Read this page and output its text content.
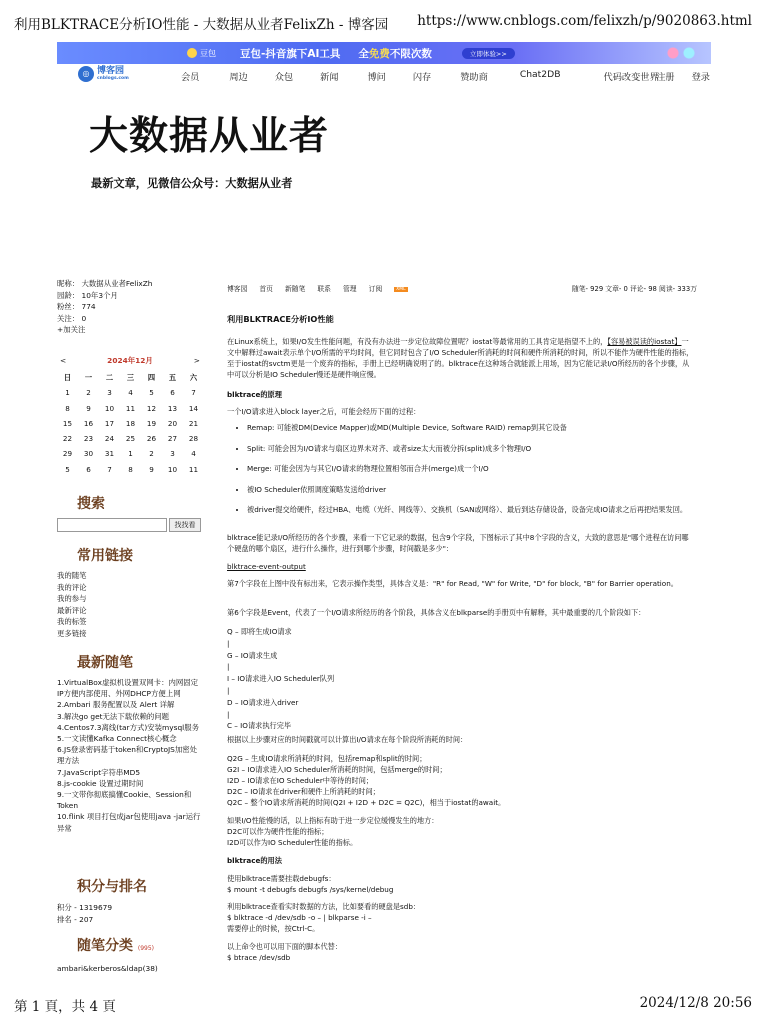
利用BLKTRACE分析IO性能 - 大数据从业者FelixZh - 博客园 https://www.cnblogs.com/felixzh/p/9020863.html
豆包 豆包-抖音旗下AI工具 全免费不限次数	立即体验>>
◎ 博客园
cnblogs.com	会员	周边	众包	新闻	博问	闪存	赞助商	Chat2DB	代码改变世界
注册 登录
大数据从业者
最新文章，见微信公众号：大数据从业者
昵称： 大数据从业者FelixZh
园龄： 10年3个月
粉丝： 774
关注： 0
+加关注
<	2024年12月	>
日	一	二	三	四	五	六
1	2	3	4	5	6	7
8	9	10	11	12	13	14
15	16	17	18	19	20	21
22	23	24	25	26	27	28
29	30	31	1	2	3	4
5	6	7	8	9	10	11
搜索
找找看
常用链接
我的随笔
我的评论
我的参与
最新评论
我的标签
更多链接
最新随笔
1.VirtualBox虚拟机设置双网卡：内网固定IP方便内部使用、外网DHCP方便上网
2.Ambari 服务配置以及 Alert 详解
3.解决go get无法下载依赖的问题
4.Centos7.3离线(tar方式)安装mysql服务
5.一文读懂Kafka Connect核心概念
6.JS登录密码基于token和CryptoJS加密处理方法
7.JavaScript字符串MD5
8.js-cookie 设置过期时间
9.一文带你彻底搞懂Cookie、Session和Token
10.flink 项目打包成jar包使用java -jar运行异常
积分与排名
积分 - 1319679
排名 - 207
随笔分类 (995)
ambari&kerberos&ldap(38)
博客园 首页 新随笔 联系 管理 订阅	XML	随笔- 929 文章- 0 评论- 98 阅读- 333万
利用BLKTRACE分析IO性能
在Linux系统上，如果I/O发生性能问题，有没有办法进一步定位故障位置呢？iostat等最常用的工具肯定是指望不上的，【容易被误读的iostat】一文中解释过await表示单个I/O所需的平均时间，但它同时包含了I/O Scheduler所消耗的时间和硬件所消耗的时间，所以不能作为硬件性能的指标，至于iostat的svctm更是一个废弃的指标，手册上已经明确说明了的。blktrace在这种场合就能派上用场，因为它能记录I/O所经历的各个步骤，从中可以分析是IO Scheduler慢还是硬件响应慢。
blktrace的原理
一个I/O请求进入block layer之后，可能会经历下面的过程：
• Remap: 可能被DM(Device Mapper)或MD(Multiple Device, Software RAID) remap到其它设备
• Split: 可能会因为I/O请求与扇区边界未对齐、或者size太大而被分拆(split)成多个物理I/O
• Merge: 可能会因为与其它I/O请求的物理位置相邻而合并(merge)成一个I/O
• 被IO Scheduler依照调度策略发送给driver
• 被driver提交给硬件，经过HBA、电缆（光纤、网线等）、交换机（SAN或网络）、最后到达存储设备，设备完成IO请求之后再把结果发回。
blktrace能记录I/O所经历的各个步骤，来看一下它记录的数据，包含9个字段，下图标示了其中8个字段的含义，大致的意思是"哪个进程在访问哪个硬盘的哪个扇区，进行什么操作，进行到哪个步骤，时间戳是多少"：
blktrace-event-output
第7个字段在上图中没有标出来，它表示操作类型，具体含义是："R" for Read, "W" for Write, "D" for block, "B" for Barrier operation。
第6个字段是Event，代表了一个I/O请求所经历的各个阶段，具体含义在blkparse的手册页中有解释，其中最重要的几个阶段如下：
Q – 即将生成IO请求
|
G – IO请求生成
|
I – IO请求进入IO Scheduler队列
|
D – IO请求进入driver
|
C – IO请求执行完毕
根据以上步骤对应的时间戳就可以计算出I/O请求在每个阶段所消耗的时间：
Q2G – 生成IO请求所消耗的时间，包括remap和split的时间；
G2I – IO请求进入IO Scheduler所消耗的时间，包括merge的时间；
I2D – IO请求在IO Scheduler中等待的时间；
D2C – IO请求在driver和硬件上所消耗的时间；
Q2C – 整个IO请求所消耗的时间(Q2I + I2D + D2C = Q2C)，相当于iostat的await。
如果I/O性能慢的话，以上指标有助于进一步定位缓慢发生的地方：
D2C可以作为硬件性能的指标；
I2D可以作为IO Scheduler性能的指标。
blktrace的用法
使用blktrace需要挂载debugfs：
$ mount -t debugfs debugfs /sys/kernel/debug
利用blktrace查看实时数据的方法，比如要看的硬盘是sdb：
$ blktrace -d /dev/sdb -o – | blkparse -i –
需要停止的时候，按Ctrl-C。
以上命令也可以用下面的脚本代替：
$ btrace /dev/sdb
第 1 頁，共 4 頁	2024/12/8 20:56
